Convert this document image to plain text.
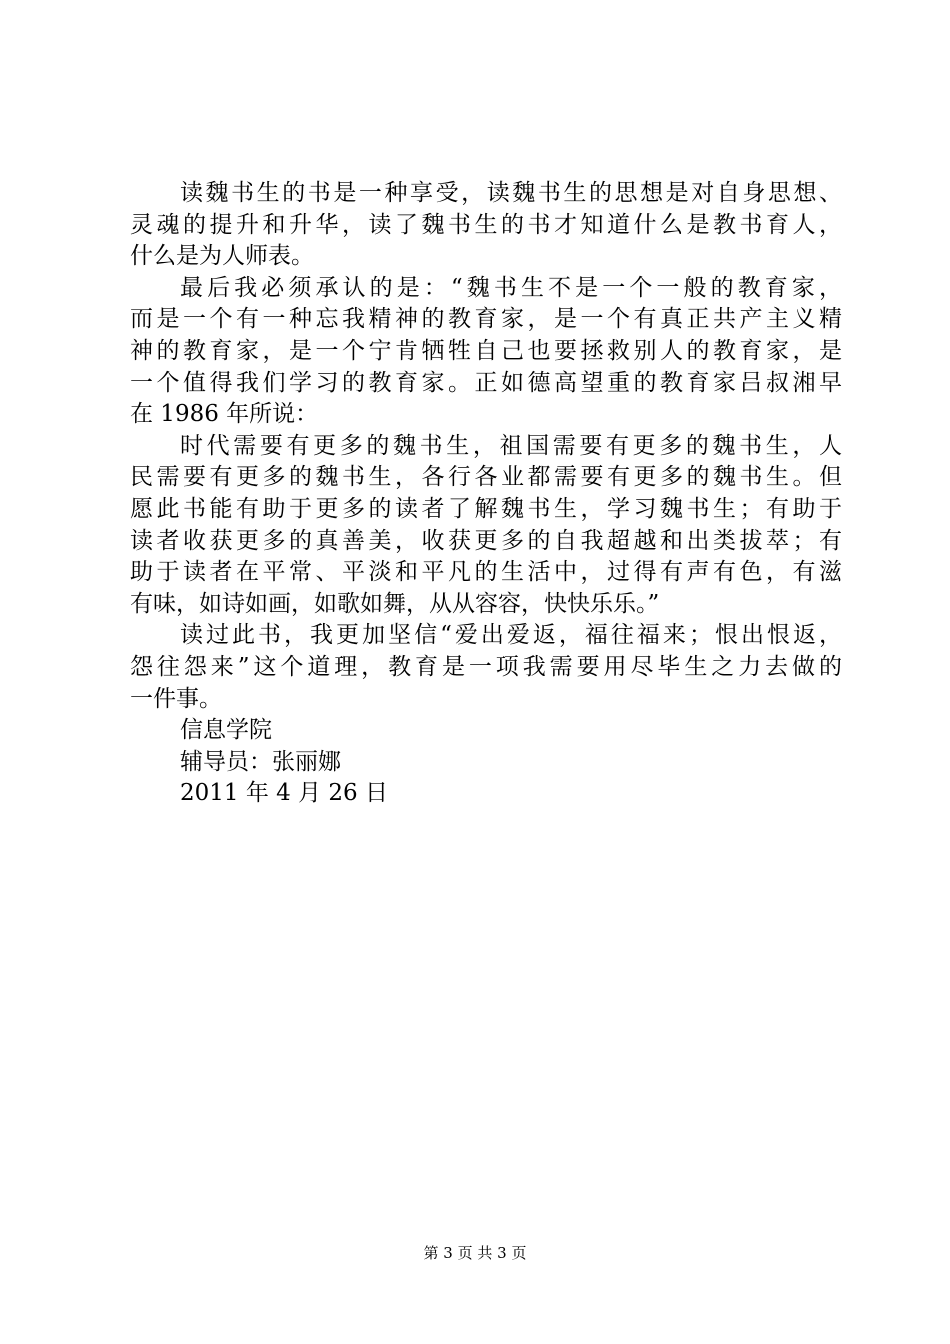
读魏书生的书是一种享受，读魏书生的思想是对自身思想、
灵魂的提升和升华，读了魏书生的书才知道什么是教书育人，
什么是为人师表。
最后我必须承认的是：“魏书生不是一个一般的教育家，
而是一个有一种忘我精神的教育家，是一个有真正共产主义精
神的教育家，是一个宁肯牺牲自己也要拯救别人的教育家，是
一个值得我们学习的教育家。正如德高望重的教育家吕叔湘早
在 1986 年所说：
时代需要有更多的魏书生，祖国需要有更多的魏书生，人
民需要有更多的魏书生，各行各业都需要有更多的魏书生。但
愿此书能有助于更多的读者了解魏书生，学习魏书生；有助于
读者收获更多的真善美，收获更多的自我超越和出类拔萃；有
助于读者在平常、平淡和平凡的生活中，过得有声有色，有滋
有味，如诗如画，如歌如舞，从从容容，快快乐乐。”
读过此书，我更加坚信“爱出爱返，福往福来；恨出恨返，
怨往怨来”这个道理，教育是一项我需要用尽毕生之力去做的
一件事。
信息学院
辅导员：张丽娜
2011 年 4 月 26 日
第 3 页 共 3 页
